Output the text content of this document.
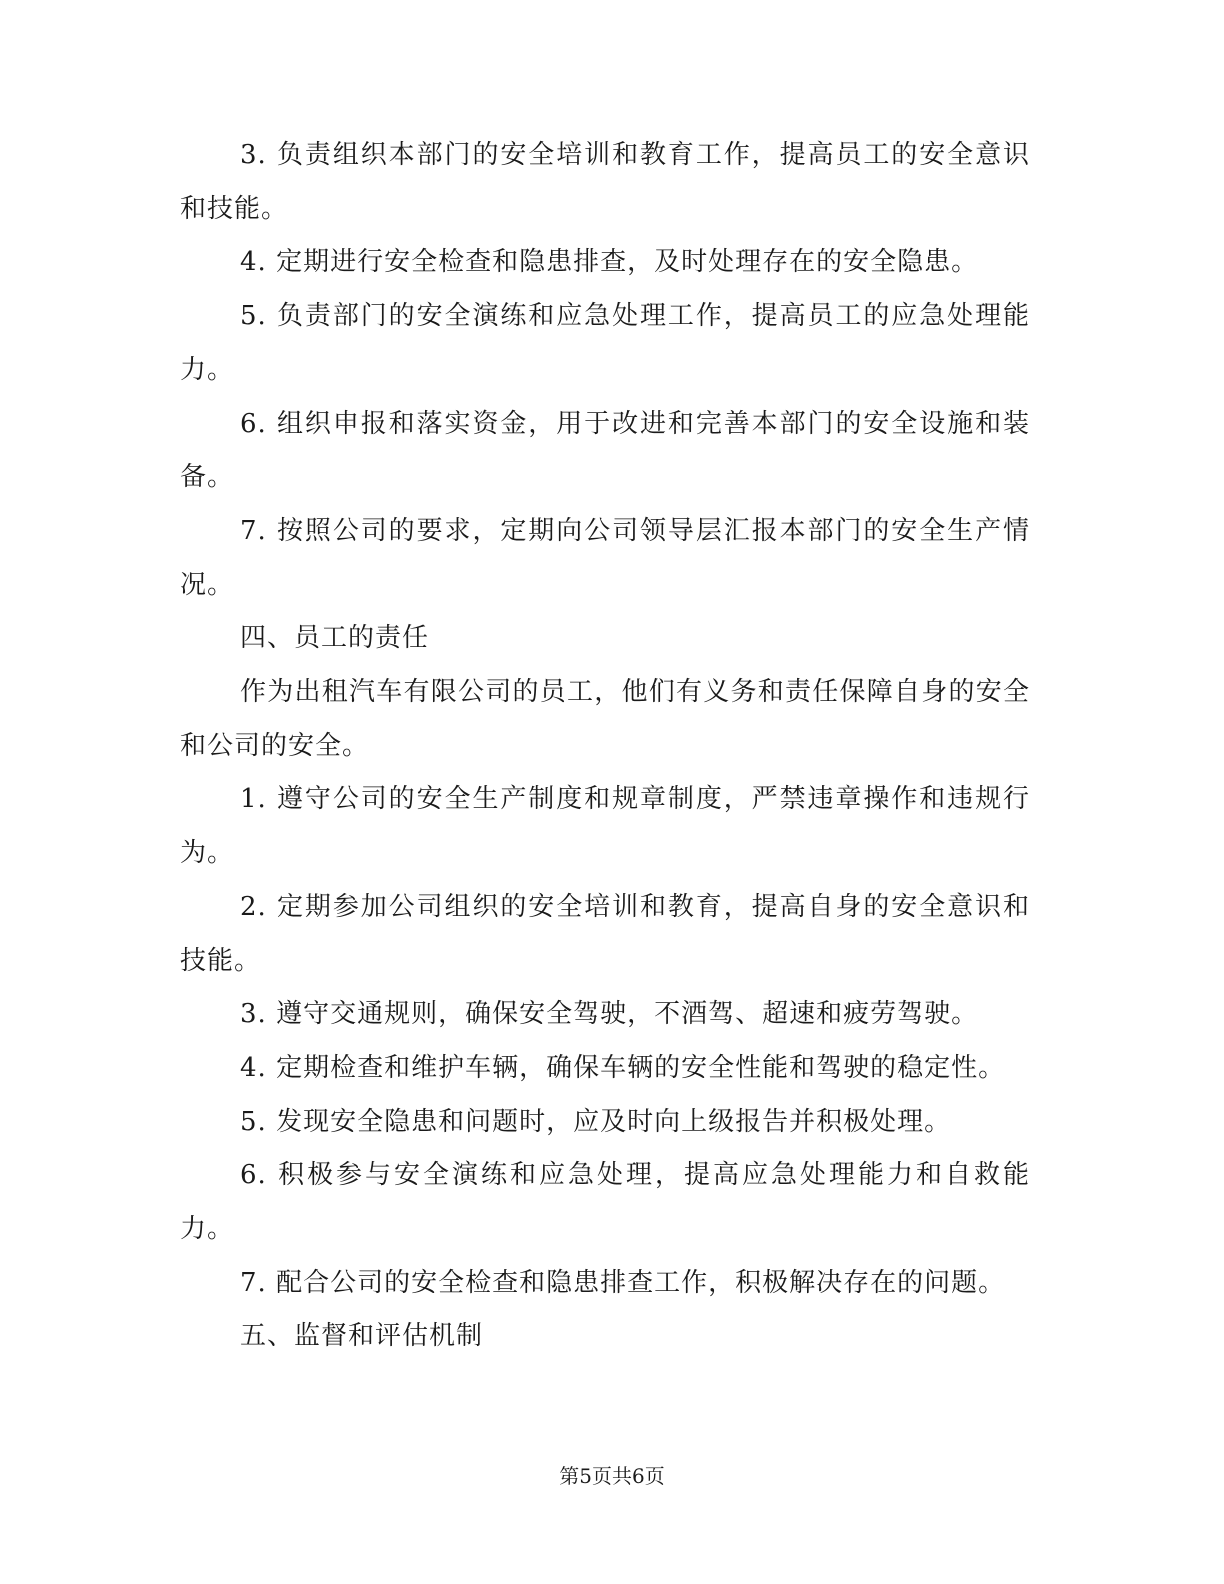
3. 负责组织本部门的安全培训和教育工作，提高员工的安全意识和技能。

4. 定期进行安全检查和隐患排查，及时处理存在的安全隐患。

5. 负责部门的安全演练和应急处理工作，提高员工的应急处理能力。

6. 组织申报和落实资金，用于改进和完善本部门的安全设施和装备。

7. 按照公司的要求，定期向公司领导层汇报本部门的安全生产情况。

四、员工的责任

作为出租汽车有限公司的员工，他们有义务和责任保障自身的安全和公司的安全。

1. 遵守公司的安全生产制度和规章制度，严禁违章操作和违规行为。

2. 定期参加公司组织的安全培训和教育，提高自身的安全意识和技能。

3. 遵守交通规则，确保安全驾驶，不酒驾、超速和疲劳驾驶。

4. 定期检查和维护车辆，确保车辆的安全性能和驾驶的稳定性。

5. 发现安全隐患和问题时，应及时向上级报告并积极处理。

6. 积极参与安全演练和应急处理，提高应急处理能力和自救能力。

7. 配合公司的安全检查和隐患排查工作，积极解决存在的问题。

五、监督和评估机制

第5页共6页
